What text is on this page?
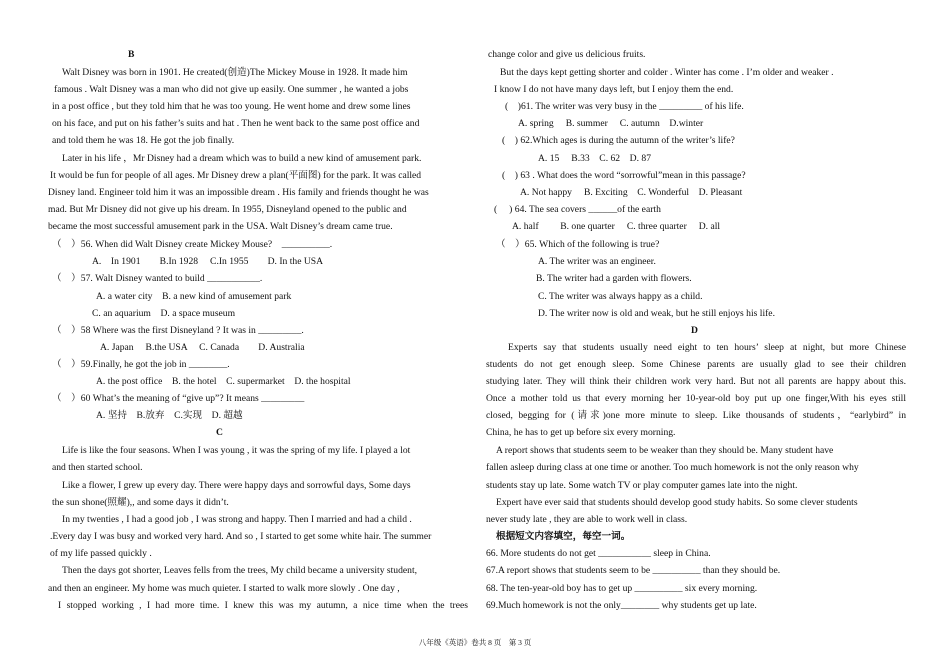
B
Walt Disney was born in 1901. He created(创造)The Mickey Mouse in 1928. It made him
famous . Walt Disney was a man who did not give up easily. One summer , he wanted a jobs
in a post office , but they told him that he was too young. He went home and drew some lines
on his face, and put on his father’s suits and hat . Then he went back to the same post office and
and told them he was 18. He got the job finally.
Later in his life ，Mr Disney had a dream which was to build a new kind of amusement park.
It would be fun for people of all ages. Mr Disney drew a plan(平面图) for the park. It was called
Disney land. Engineer told him it was an impossible dream . His family and friends thought he was
mad. But Mr Disney did not give up his dream. In 1955, Disneyland opened to the public and
became the most successful amusement park in the USA. Walt Disney’s dream came true.
（　）56. When did Walt Disney create Mickey Mouse?　__________.
A.　In 1901　　B.In 1928　 C.In 1955　　D. In the USA
（　）57. Walt Disney wanted to build ___________.
A. a water city　B. a new kind of amusement park
C. an aquarium　D. a space museum
（　）58 Where was the first Disneyland ? It was in _________.
A. Japan　 B.the USA　 C. Canada　　D. Australia
（　）59.Finally, he got the job in ________.
A. the post office　B. the hotel　C. supermarket　D. the hospital
（　）60 What’s the meaning of “give up”? It means _________
A. 坚持　B.放弃　C.实现　D. 超越
C
Life is like the four seasons. When I was young , it was the spring of my life. I played a lot
and then started school.
Like a flower, I grew up every day. There were happy days and sorrowful days, Some days
the sun shone(照耀),, and some days it didn’t.
In my twenties , I had a good job , I was strong and happy. Then I married and had a child .
.Every day I was busy and worked very hard. And so , I started to get some white hair. The summer
of my life passed quickly .
Then the days got shorter, Leaves fells from the trees, My child became a university student,
and then an engineer. My home was much quieter. I started to walk more slowly . One day ,
I stopped working , I had more time. I knew this was my autumn, a nice time when the trees
change color and give us delicious fruits.
But the days kept getting shorter and colder . Winter has come . I’m older and weaker .
I know I do not have many days left, but I enjoy them the end.
(　)61. The writer was very busy in the _________ of his life.
A. spring　 B. summer　 C. autumn　D.winter
(　) 62.Which ages is during the autumn of the writer’s life?
A. 15　 B.33　C. 62　D. 87
(　) 63 . What does the word “sorrowful”mean in this passage?
A. Not happy　 B. Exciting　C. Wonderful　D. Pleasant
(　 ) 64. The sea covers ______of the earth
A. half　　 B. one quarter　 C. three quarter　 D. all
（　）65. Which of the following is true?
A. The writer was an engineer.
B. The writer had a garden with flowers.
C. The writer was always happy as a child.
D. The writer now is old and weak, but he still enjoys his life.
D
Experts say that students usually need eight to ten hours’ sleep at night, but more Chinese
students do not get enough sleep. Some Chinese parents are usually glad to see their children
studying later. They will think their children work very hard. But not all parents are happy about this.
Once a mother told us that every morning her 10-year-old boy put up one finger,With his eyes still
closed, begging for (请求)one more minute to sleep. Like thousands of students，“earlybird” in
China, he has to get up before six every morning.
A report shows that students seem to be weaker than they should be. Many student have
fallen asleep during class at one time or another. Too much homework is not the only reason why
students stay up late. Some watch TV or play computer games late into the night.
Expert have ever said that students should develop good study habits. So some clever students
never study late , they are able to work well in class.
根据短文内容填空，每空一词。
66. More students do not get ___________ sleep in China.
67.A report shows that students seem to be __________ than they should be.
68. The ten-year-old boy has to get up __________ six every morning.
69.Much homework is not the only________ why students get up late.
八年级《英语》卷共 8 页　第 3 页
